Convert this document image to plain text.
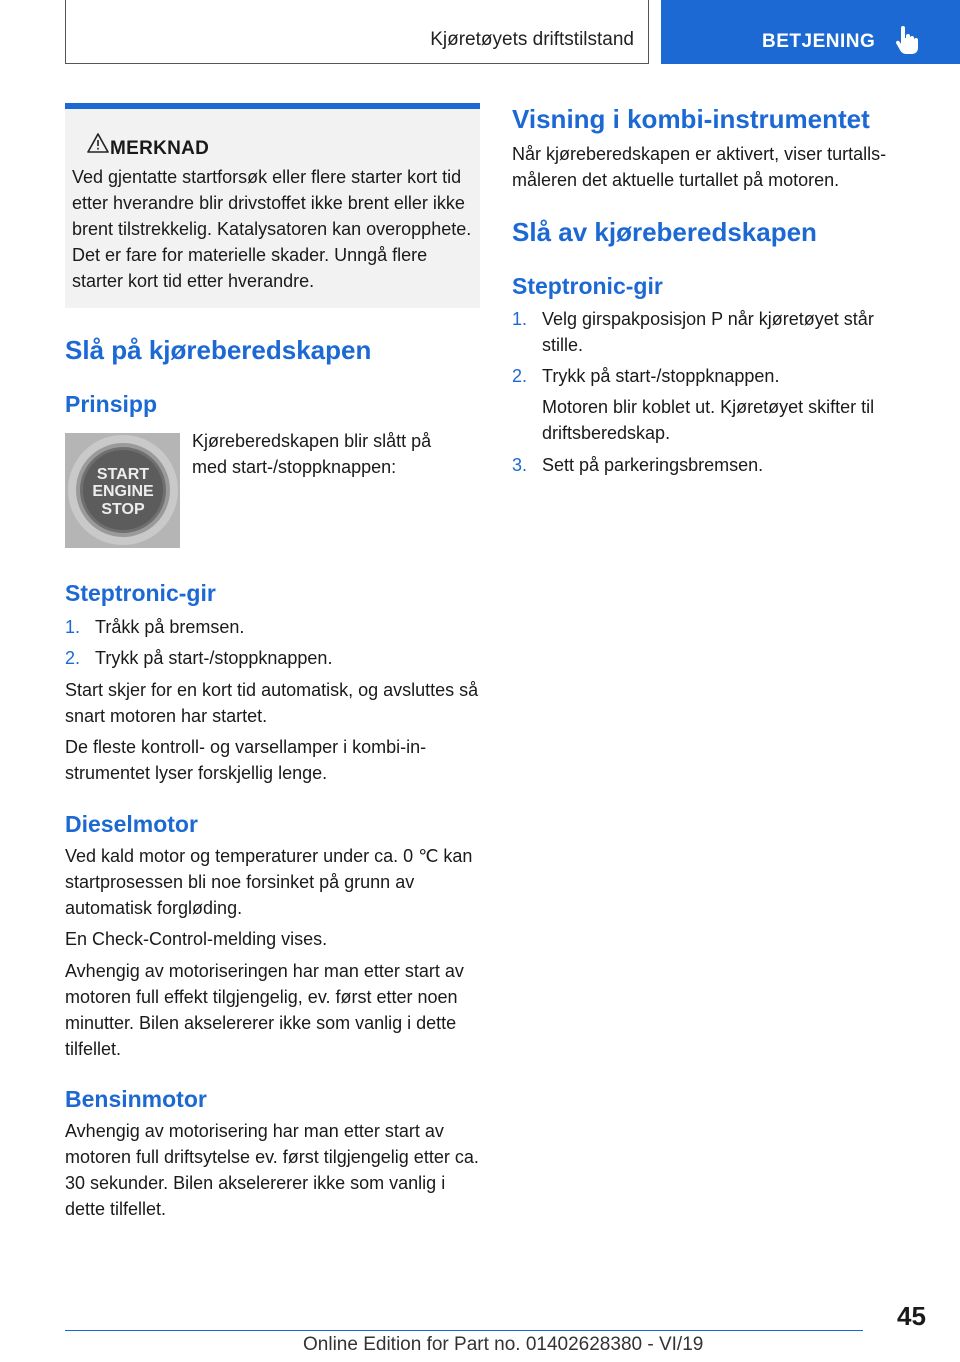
Kjøretøyets driftstilstand	BETJENING
MERKNAD
Ved gjentatte startforsøk eller flere starter kort tid etter hverandre blir drivstoffet ikke brent eller ikke brent tilstrekkelig. Katalysatoren kan overopphete. Det er fare for materielle skader. Unngå flere starter kort tid etter hverandre.
Slå på kjøreberedskapen
Prinsipp
START
ENGINE
STOP

Kjøreberedskapen blir slått på med start-/stoppknappen:

Steptronic-gir
1. Tråkk på bremsen.
2. Trykk på start-/stoppknappen.

Start skjer for en kort tid automatisk, og avsluttes så snart motoren har startet.

De fleste kontroll- og varsellamper i kombi-instrumentet lyser forskjellig lenge.

Dieselmotor

Ved kald motor og temperaturer under ca. 0 ℃ kan startprosessen bli noe forsinket på grunn av automatisk forgløding.

En Check-Control-melding vises.

Avhengig av motoriseringen har man etter start av motoren full effekt tilgjengelig, ev. først etter noen minutter. Bilen akselererer ikke som vanlig i dette tilfellet.

Bensinmotor

Avhengig av motorisering har man etter start av motoren full driftsytelse ev. først tilgjengelig etter ca. 30 sekunder. Bilen akselererer ikke som vanlig i dette tilfellet.

Visning i kombi-instrumentet

Når kjøreberedskapen er aktivert, viser turtallsmåleren det aktuelle turtallet på motoren.

Slå av kjøreberedskapen
Steptronic-gir
1. Velg girspakposisjon P når kjøretøyet står stille.
2. Trykk på start-/stoppknappen.

Motoren blir koblet ut. Kjøretøyet skifter til driftsberedskap.

3. Sett på parkeringsbremsen.
45
Online Edition for Part no. 01402628380 - VI/19
